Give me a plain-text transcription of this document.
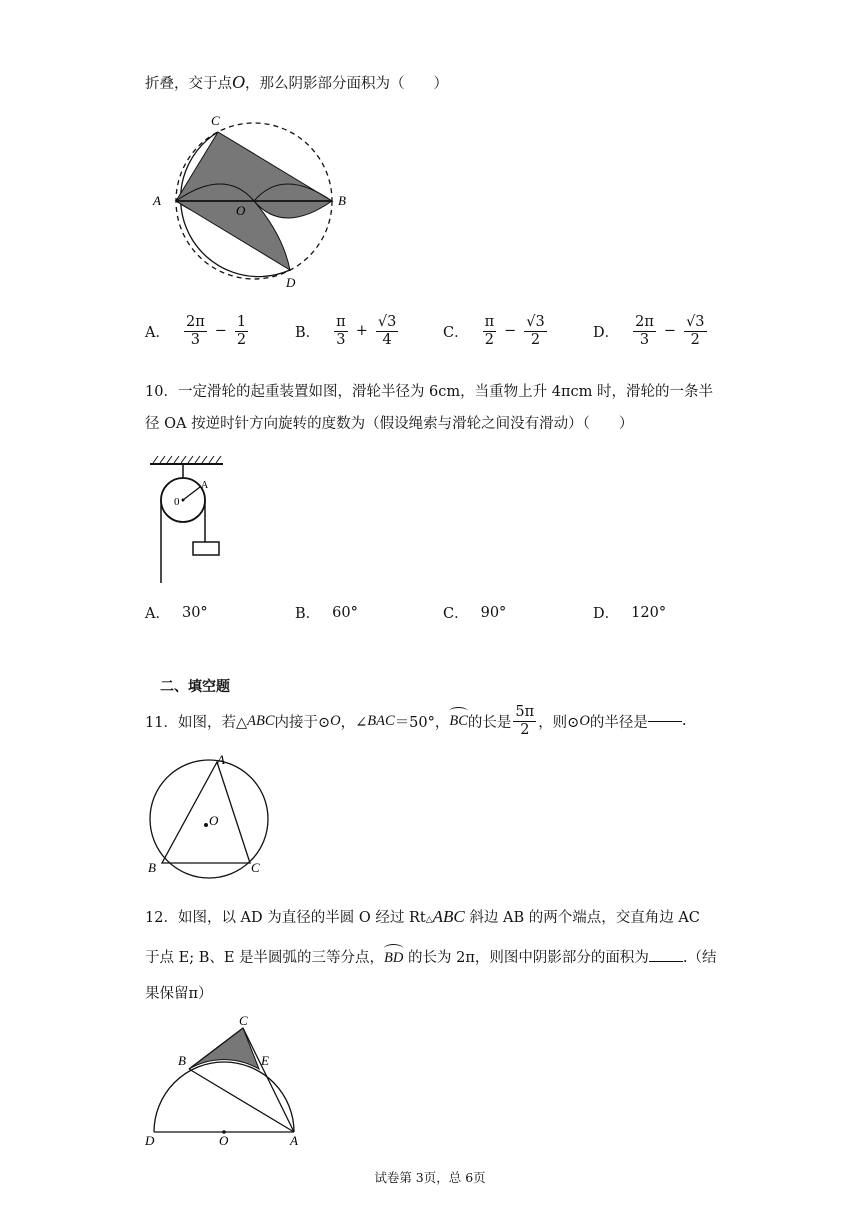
折叠，交于点O，那么阴影部分面积为（　　）
C
A
O
B
D
A． $\frac{2\pi}{3} - \frac{1}{2}$	B． $\frac{\pi}{3} + \frac{√3}{4}$	C． $\frac{\pi}{2} - \frac{√3}{2}$	D． $\frac{2\pi}{3} - \frac{√3}{2}$
10．一定滑轮的起重装置如图，滑轮半径为 6cm，当重物上升 4πcm 时，滑轮的一条半
径 OA 按逆时针方向旋转的度数为（假设绳索与滑轮之间没有滑动）（　　）
0
A
A． 30°	B． 60°	C． 90°	D． 120°
二、填空题
11．如图，若△ ABC 内接于⊙ O ，∠ BAC ＝50°， BC 的长是 $\frac{5\pi}{2}$ ，则⊙ O 的半径是 .
A
B	C
O
12．如图，以 AD 为直径的半圆 O 经过 Rt△ABC 斜边 AB 的两个端点，交直角边 AC
于点 E; B、E 是半圆弧的三等分点，BD 的长为 2π，则图中阴影部分的面积为 .（结
果保留π）
C
B	E
D	O	A
试卷第 3页，总 6页
